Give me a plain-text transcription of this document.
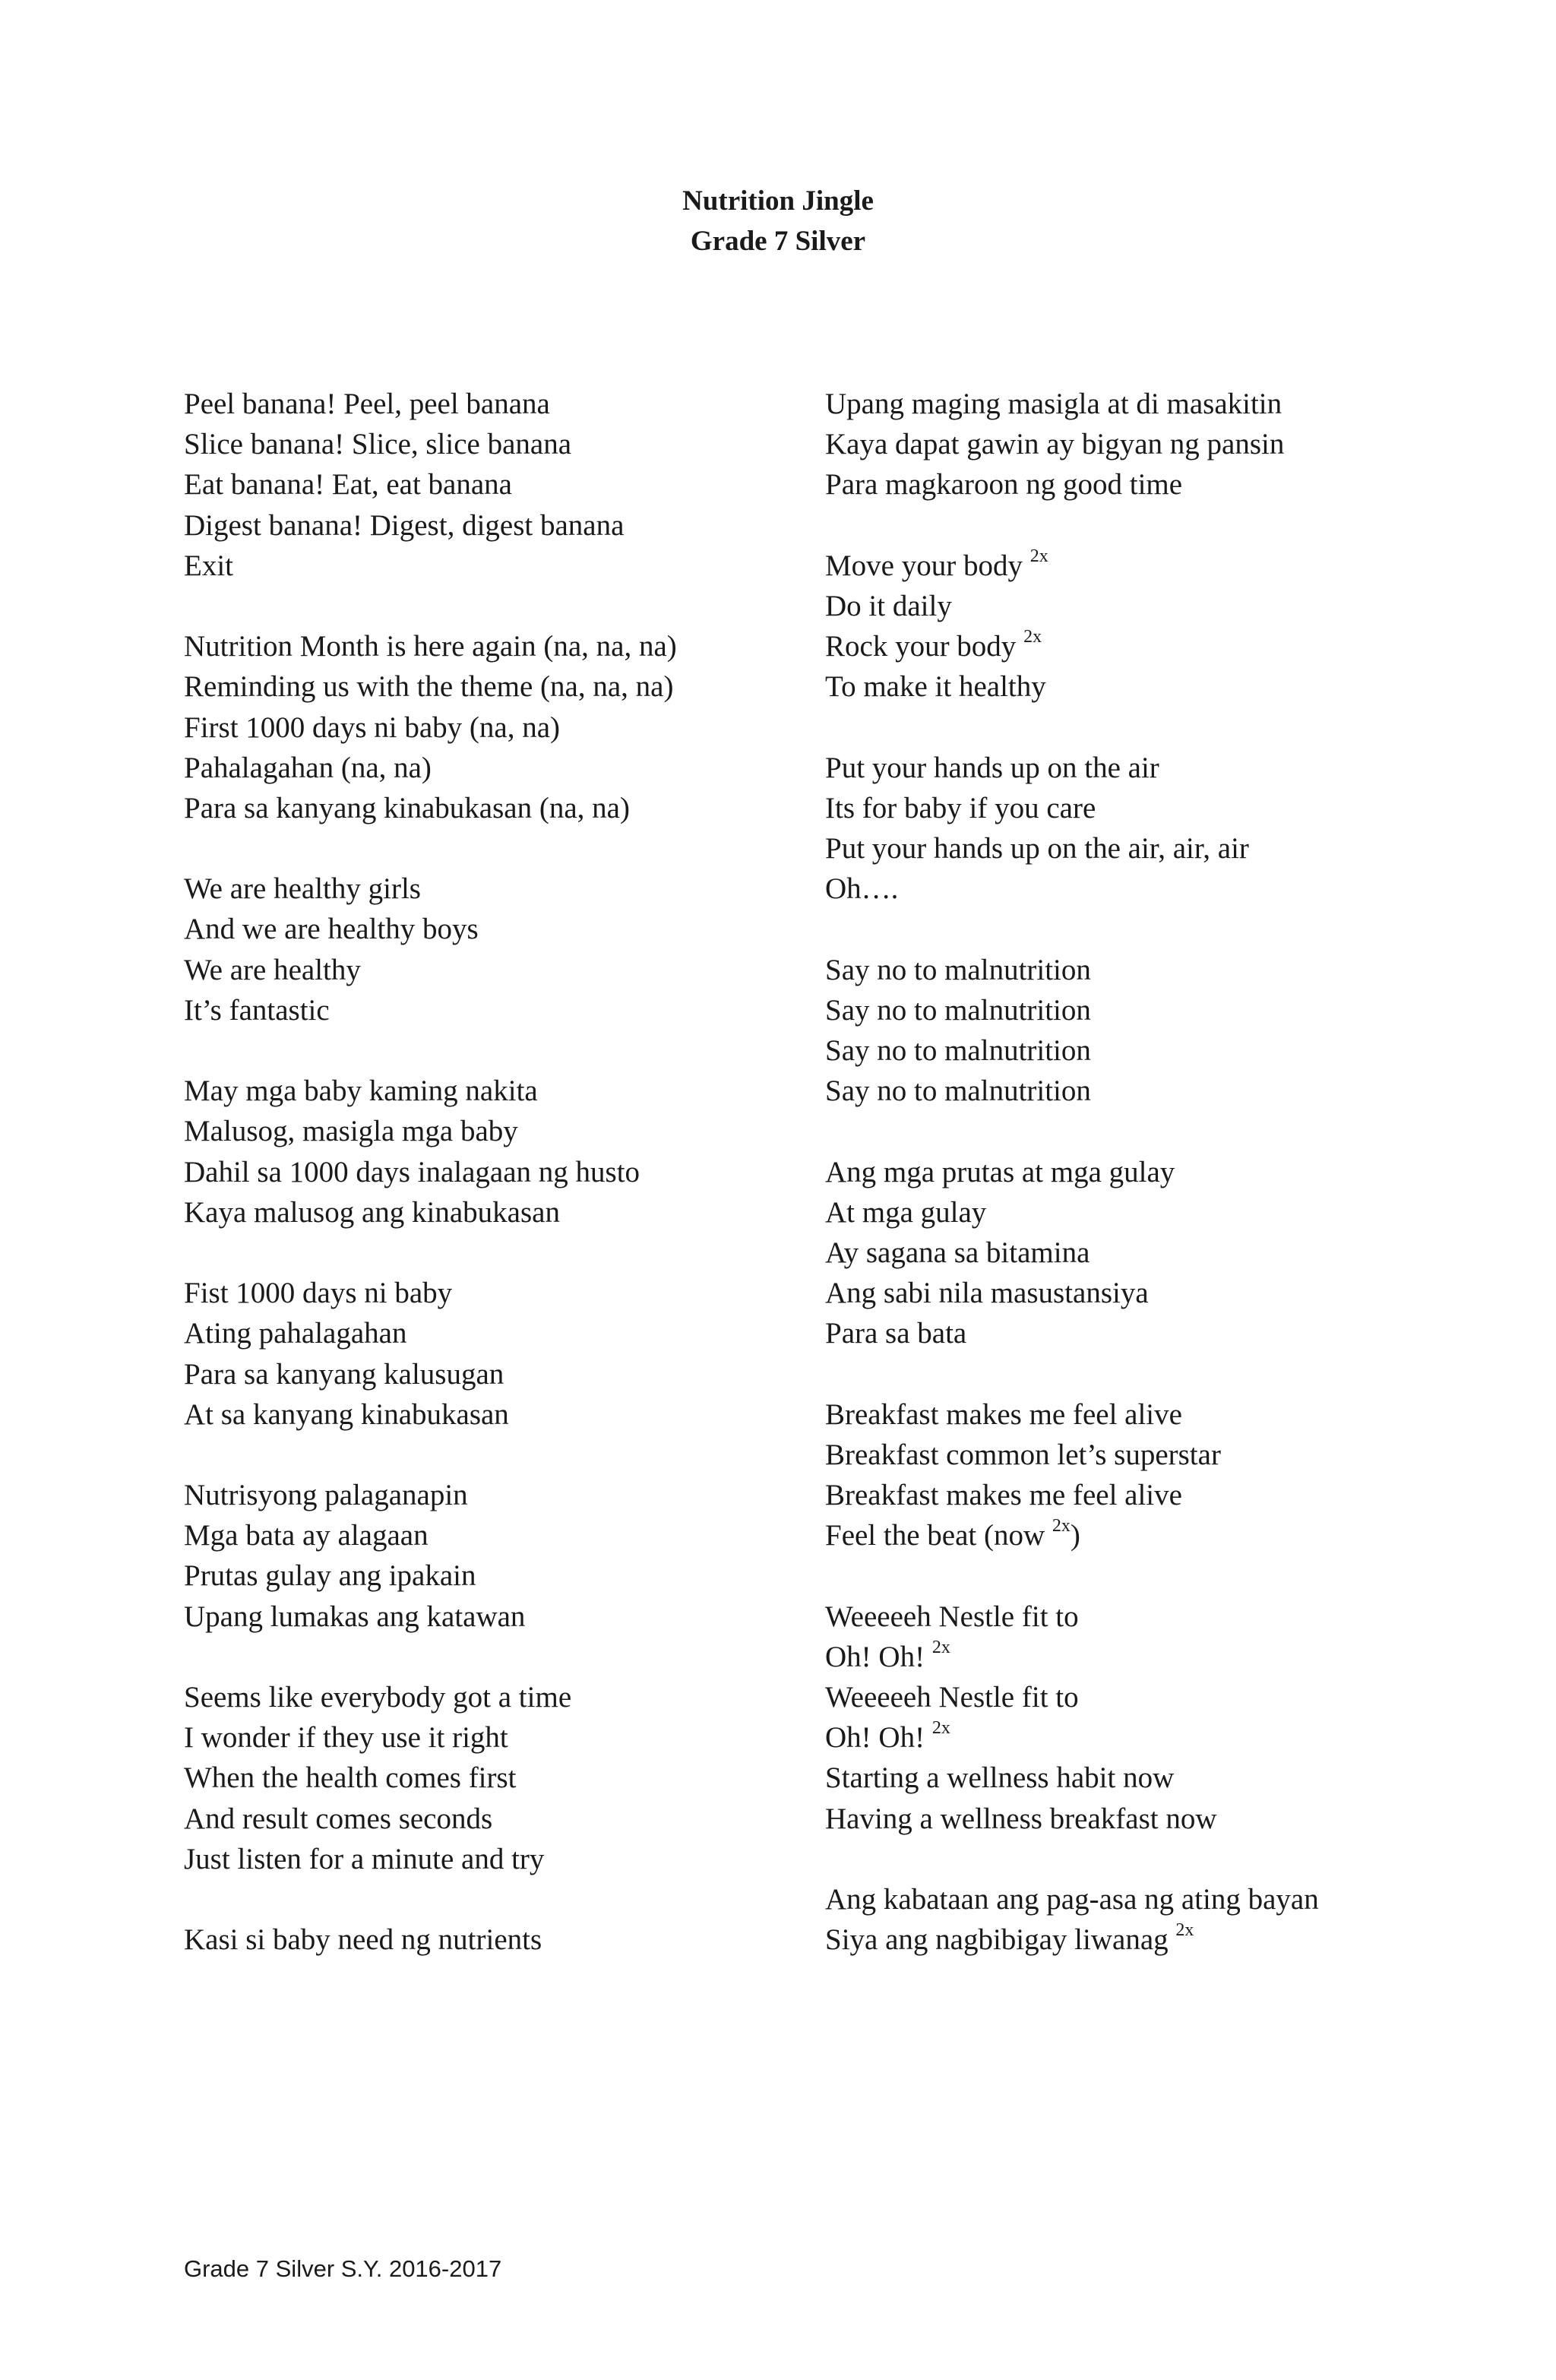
Nutrition Jingle
Grade 7 Silver
Peel banana! Peel, peel banana
Slice banana! Slice, slice banana
Eat banana! Eat, eat banana
Digest banana! Digest, digest banana
Exit
Nutrition Month is here again (na, na, na)
Reminding us with the theme (na, na, na)
First 1000 days ni baby (na, na)
Pahalagahan (na, na)
Para sa kanyang kinabukasan (na, na)
We are healthy girls
And we are healthy boys
We are healthy
It’s fantastic
May mga baby kaming nakita
Malusog, masigla mga baby
Dahil sa 1000 days inalagaan ng husto
Kaya malusog ang kinabukasan
Fist 1000 days ni baby
Ating pahalagahan
Para sa kanyang kalusugan
At sa kanyang kinabukasan
Nutrisyong palaganapin
Mga bata ay alagaan
Prutas gulay ang ipakain
Upang lumakas ang katawan
Seems like everybody got a time
I wonder if they use it right
When the health comes first
And result comes seconds
Just listen for a minute and try
Kasi si baby need ng nutrients
Upang maging masigla at di masakitin
Kaya dapat gawin ay bigyan ng pansin
Para magkaroon ng good time
Move your body $^{2x}$
Do it daily
Rock your body $^{2x}$
To make it healthy
Put your hands up on the air
Its for baby if you care
Put your hands up on the air, air, air
Oh….
Say no to malnutrition
Say no to malnutrition
Say no to malnutrition
Say no to malnutrition
Ang mga prutas at mga gulay
At mga gulay
Ay sagana sa bitamina
Ang sabi nila masustansiya
Para sa bata
Breakfast makes me feel alive
Breakfast common let’s superstar
Breakfast makes me feel alive
Feel the beat (now $^{2x}$)
Weeeeeh Nestle fit to
Oh! Oh! $^{2x}$
Weeeeeh Nestle fit to
Oh! Oh! $^{2x}$
Starting a wellness habit now
Having a wellness breakfast now
Ang kabataan ang pag-asa ng ating bayan
Siya ang nagbibigay liwanag $^{2x}$
Grade 7 Silver S.Y. 2016-2017
